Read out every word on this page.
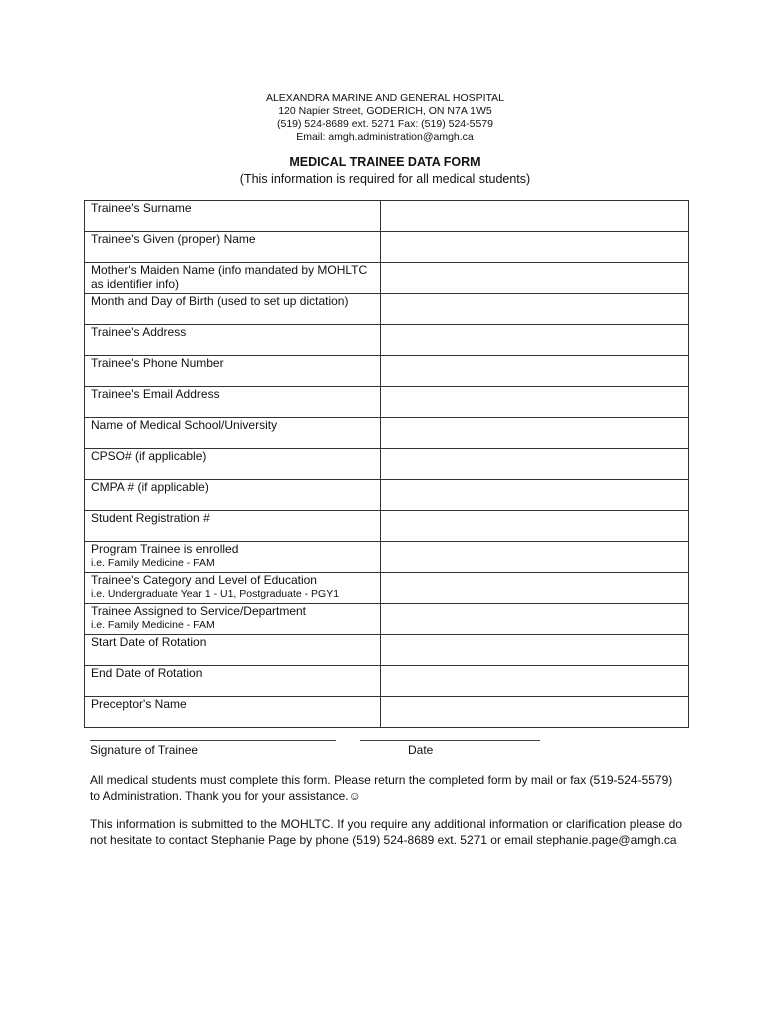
ALEXANDRA MARINE AND GENERAL HOSPITAL
120 Napier Street, GODERICH, ON N7A 1W5
(519) 524-8689 ext. 5271 Fax: (519) 524-5579
Email: amgh.administration@amgh.ca
MEDICAL TRAINEE DATA FORM
(This information is required for all medical students)
Trainee's Surname	

Trainee's Given (proper) Name	

Mother's Maiden Name (info mandated by MOHLTC as identifier info)	

Month and Day of Birth (used to set up dictation)	

Trainee's Address	

Trainee's Phone Number	

Trainee's Email Address	

Name of Medical School/University	

CPSO# (if applicable)	

CMPA # (if applicable)	

Student Registration #	

Program Trainee is enrolled
i.e. Family Medicine - FAM	

Trainee's Category and Level of Education
i.e. Undergraduate Year 1 - U1, Postgraduate - PGY1	

Trainee Assigned to Service/Department
i.e. Family Medicine - FAM	

Start Date of Rotation	

End Date of Rotation	

Preceptor's Name	

Signature of Trainee	Date
All medical students must complete this form. Please return the completed form by mail or fax (519-524-5579) to Administration. Thank you for your assistance.☺
This information is submitted to the MOHLTC. If you require any additional information or clarification please do not hesitate to contact Stephanie Page by phone (519) 524-8689 ext. 5271 or email stephanie.page@amgh.ca
